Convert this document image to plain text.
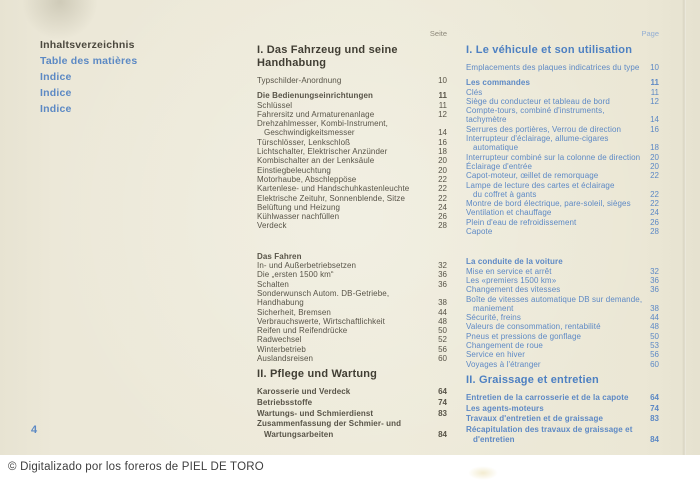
Inhaltsverzeichnis
Table des matières
Indice
Indice
Indice
Seite
I. Das Fahrzeug und seine Handhabung
Typschilder-Anordnung	10
Die Bedienungseinrichtungen	11
Schlüssel	11
Fahrersitz und Armaturenanlage	12
Drehzahlmesser, Kombi-Instrument,
Geschwindigkeitsmesser	14
Türschlösser, Lenkschloß	16
Lichtschalter, Elektrischer Anzünder	18
Kombischalter an der Lenksäule	20
Einstiegbeleuchtung	20
Motorhaube, Abschleppöse	22
Kartenlese- und Handschuhkastenleuchte	22
Elektrische Zeituhr, Sonnenblende, Sitze	22
Belüftung und Heizung	24
Kühlwasser nachfüllen	26
Verdeck	28
Das Fahren
In- und Außerbetriebsetzen	32
Die „ersten 1500 km“	36
Schalten	36
Sonderwunsch Autom. DB-Getriebe, Handhabung	38
Sicherheit, Bremsen	44
Verbrauchswerte, Wirtschaftlichkeit	48
Reifen und Reifendrücke	50
Radwechsel	52
Winterbetrieb	56
Auslandsreisen	60
II. Pflege und Wartung
Karosserie und Verdeck	64
Betriebsstoffe	74
Wartungs- und Schmierdienst	83
Zusammenfassung der Schmier- und
Wartungsarbeiten	84
Page
I. Le véhicule et son utilisation
Emplacements des plaques indicatrices du type	10
Les commandes	11
Clés	11
Siège du conducteur et tableau de bord	12
Compte-tours, combiné d'instruments, tachymètre	14
Serrures des portières, Verrou de direction	16
Interrupteur d'éclairage, allume-cigares
automatique	18
Interrupteur combiné sur la colonne de direction	20
Éclairage d'entrée	20
Capot-moteur, œillet de remorquage	22
Lampe de lecture des cartes et éclairage
du coffret à gants	22
Montre de bord électrique, pare-soleil, sièges	22
Ventilation et chauffage	24
Plein d'eau de refroidissement	26
Capote	28
La conduite de la voiture
Mise en service et arrêt	32
Les «premiers 1500 km»	36
Changement des vitesses	36
Boîte de vitesses automatique DB sur demande,
maniement	38
Sécurité, freins	44
Valeurs de consommation, rentabilité	48
Pneus et pressions de gonflage	50
Changement de roue	53
Service en hiver	56
Voyages à l'étranger	60
II. Graissage et entretien
Entretien de la carrosserie et de la capote	64
Les agents-moteurs	74
Travaux d'entretien et de graissage	83
Récapitulation des travaux de graissage et
d'entretien	84
4
© Digitalizado por los foreros de PIEL DE TORO
